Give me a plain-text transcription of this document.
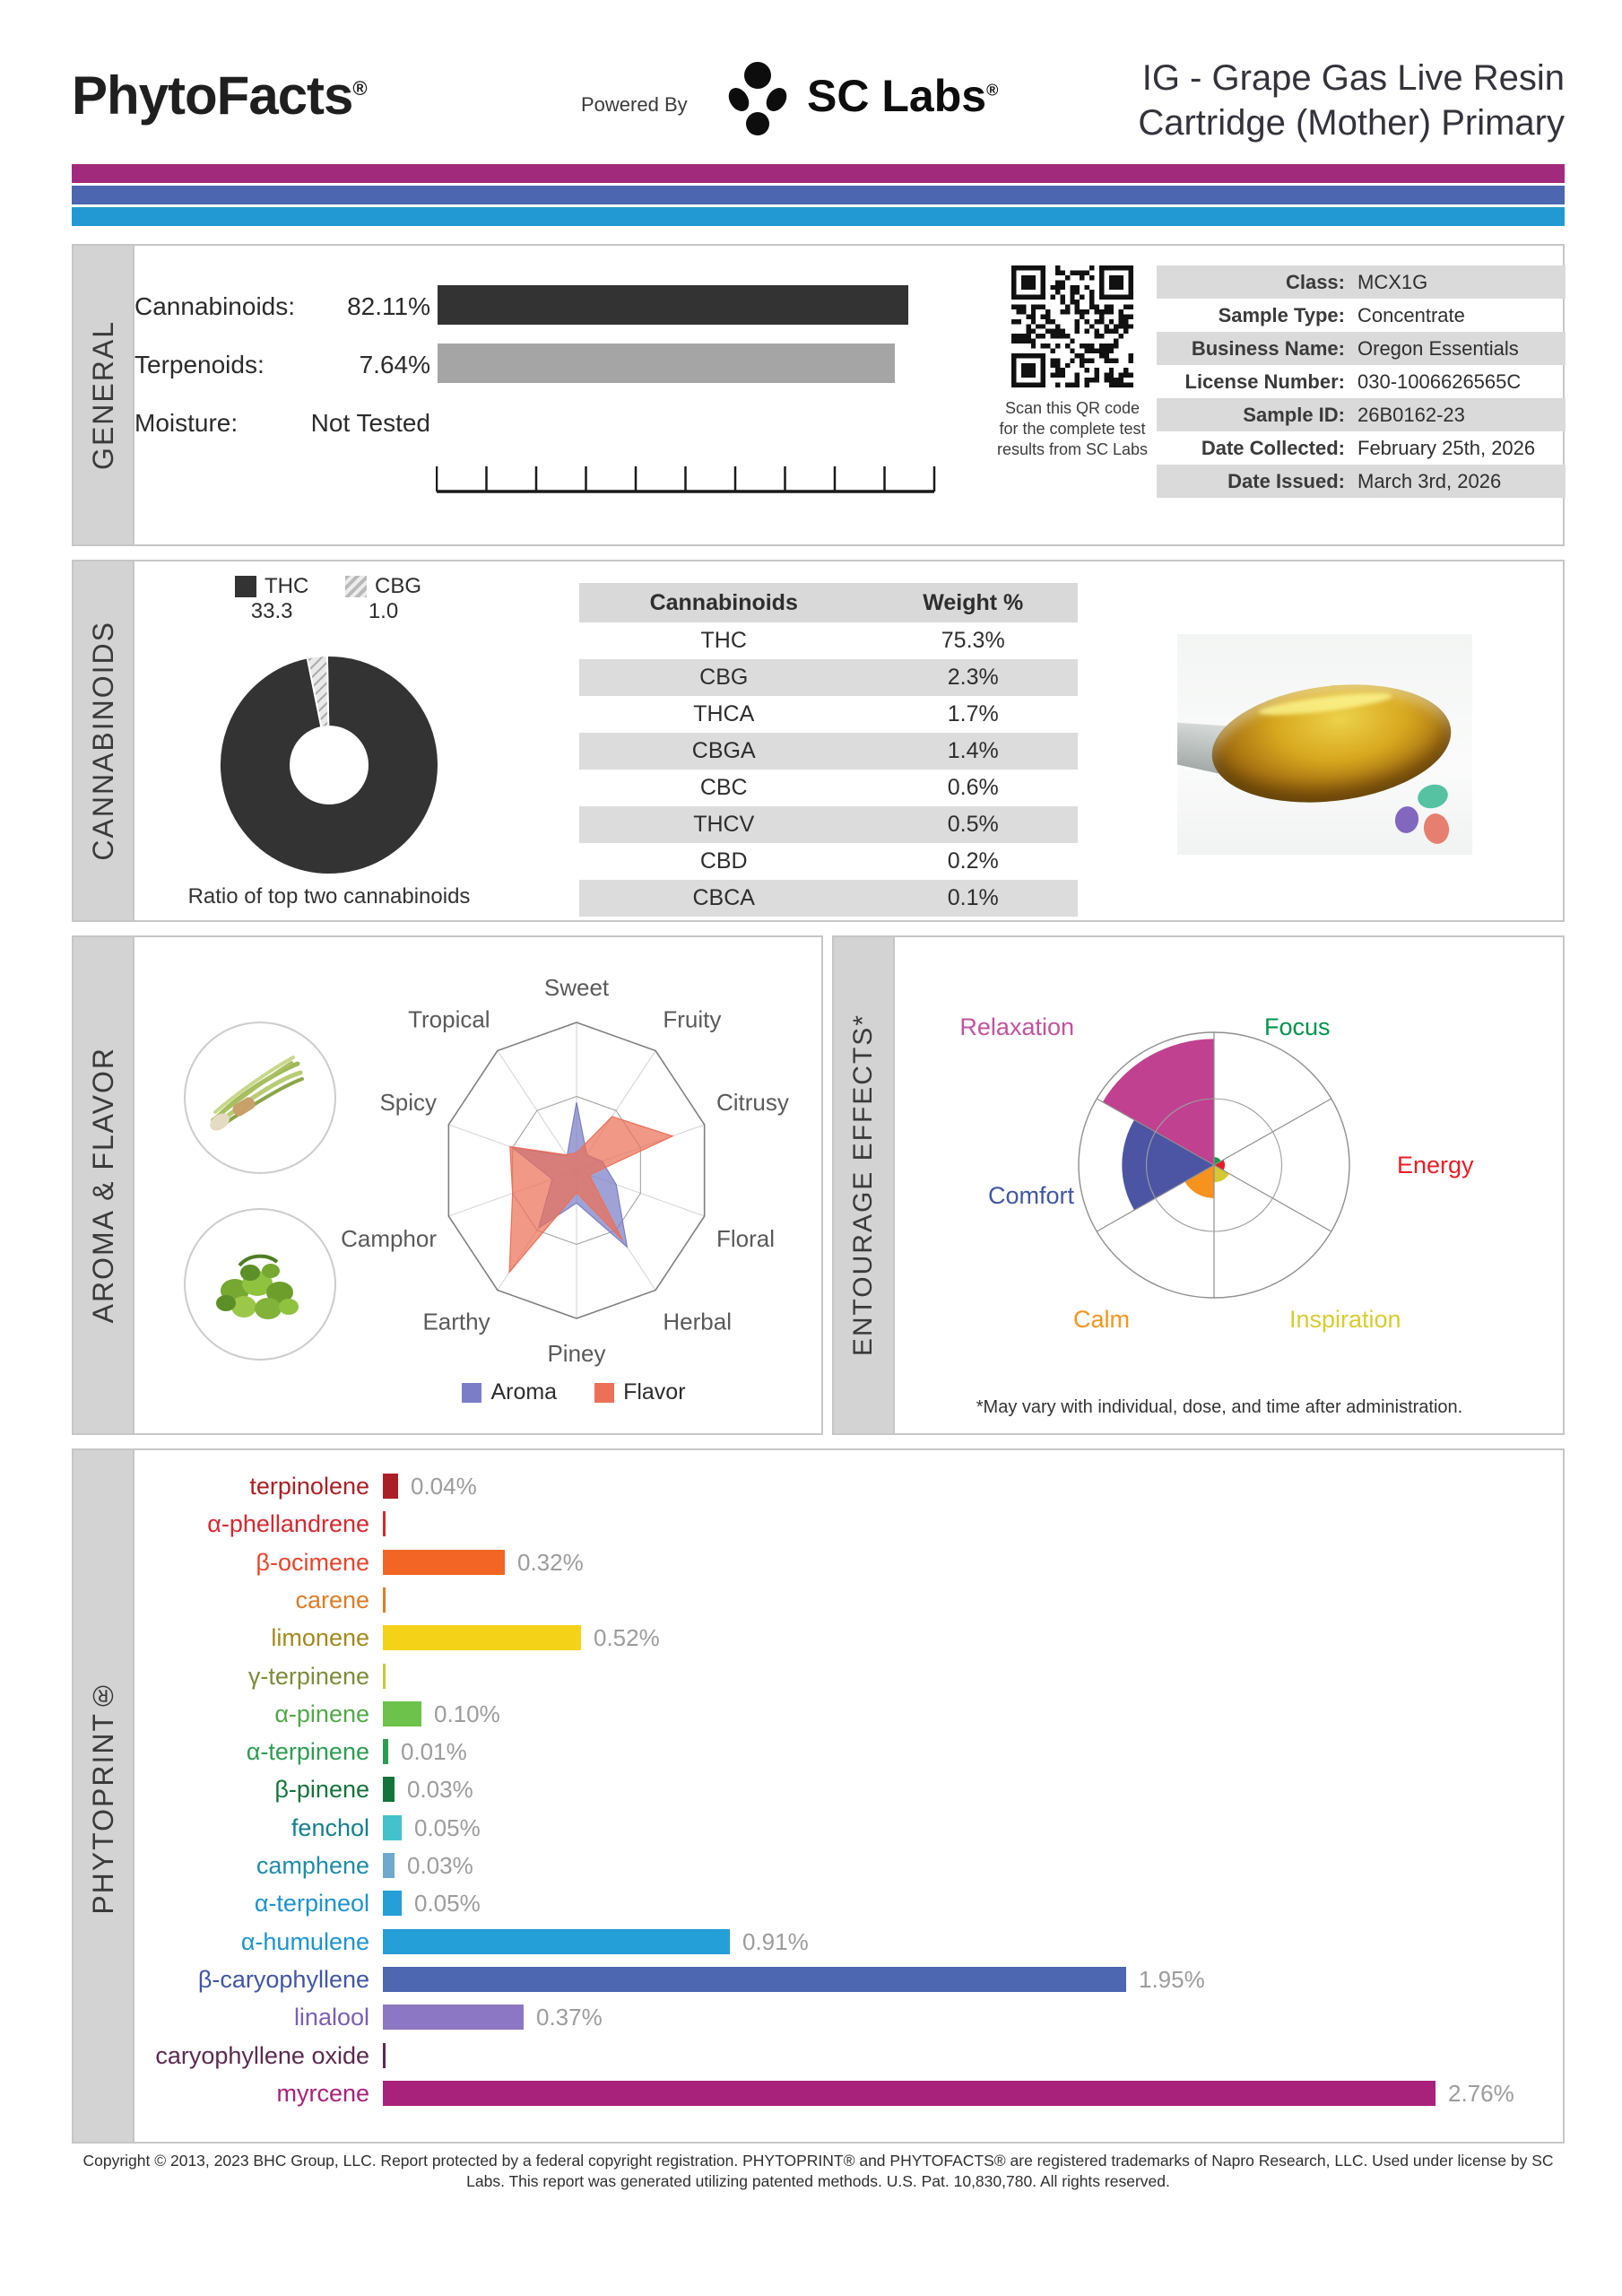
PhytoFacts®
Powered By	SC Labs®	IG - Grape Gas Live Resin
Cartridge (Mother) Primary
GENERAL
Cannabinoids: 82.11%
Terpenoids:	7.64%
Moisture:	Not Tested
Scan this QR code
for the complete test
results from SC Labs
Class: MCX1G
Sample Type: Concentrate
Business Name: Oregon Essentials
License Number: 030-1006626565C
Sample ID: 26B0162-23
Date Collected: February 25th, 2026
Date Issued: March 3rd, 2026
CANNABINOIDS
THC
33.3
CBG
1.0
Ratio of top two cannabinoids
Cannabinoids	Weight %
THC	75.3%
CBG	2.3%
THCA	1.7%
CBGA	1.4%
CBC	0.6%
THCV	0.5%
CBD	0.2%
CBCA	0.1%
AROMA & FLAVOR
Sweet
Fruity
Citrusy
Floral
Herbal
Piney
Earthy
Camphor
Spicy
Tropical
Aroma	Flavor
ENTOURAGE EFFECTS*	Relaxation	Focus
Energy
Comfort
Calm	Inspiration
*May vary with individual, dose, and time after administration.
PHYTOPRINT®
terpinolene 0.04%
α-phellandrene
β-ocimene	0.32%
carene
limonene	0.52%
γ-terpinene
α-pinene	0.10%
α-terpinene 0.01%
β-pinene 0.03%
fenchol 0.05%
camphene 0.03%
α-terpineol 0.05%
α-humulene	0.91%
β-caryophyllene	1.95%
linalool	0.37%
caryophyllene oxide
myrcene	2.76%
Copyright © 2013, 2023 BHC Group, LLC. Report protected by a federal copyright registration. PHYTOPRINT® and PHYTOFACTS® are registered trademarks of Napro Research, LLC. Used under license by SC Labs. This report was generated utilizing patented methods. U.S. Pat. 10,830,780. All rights reserved.
